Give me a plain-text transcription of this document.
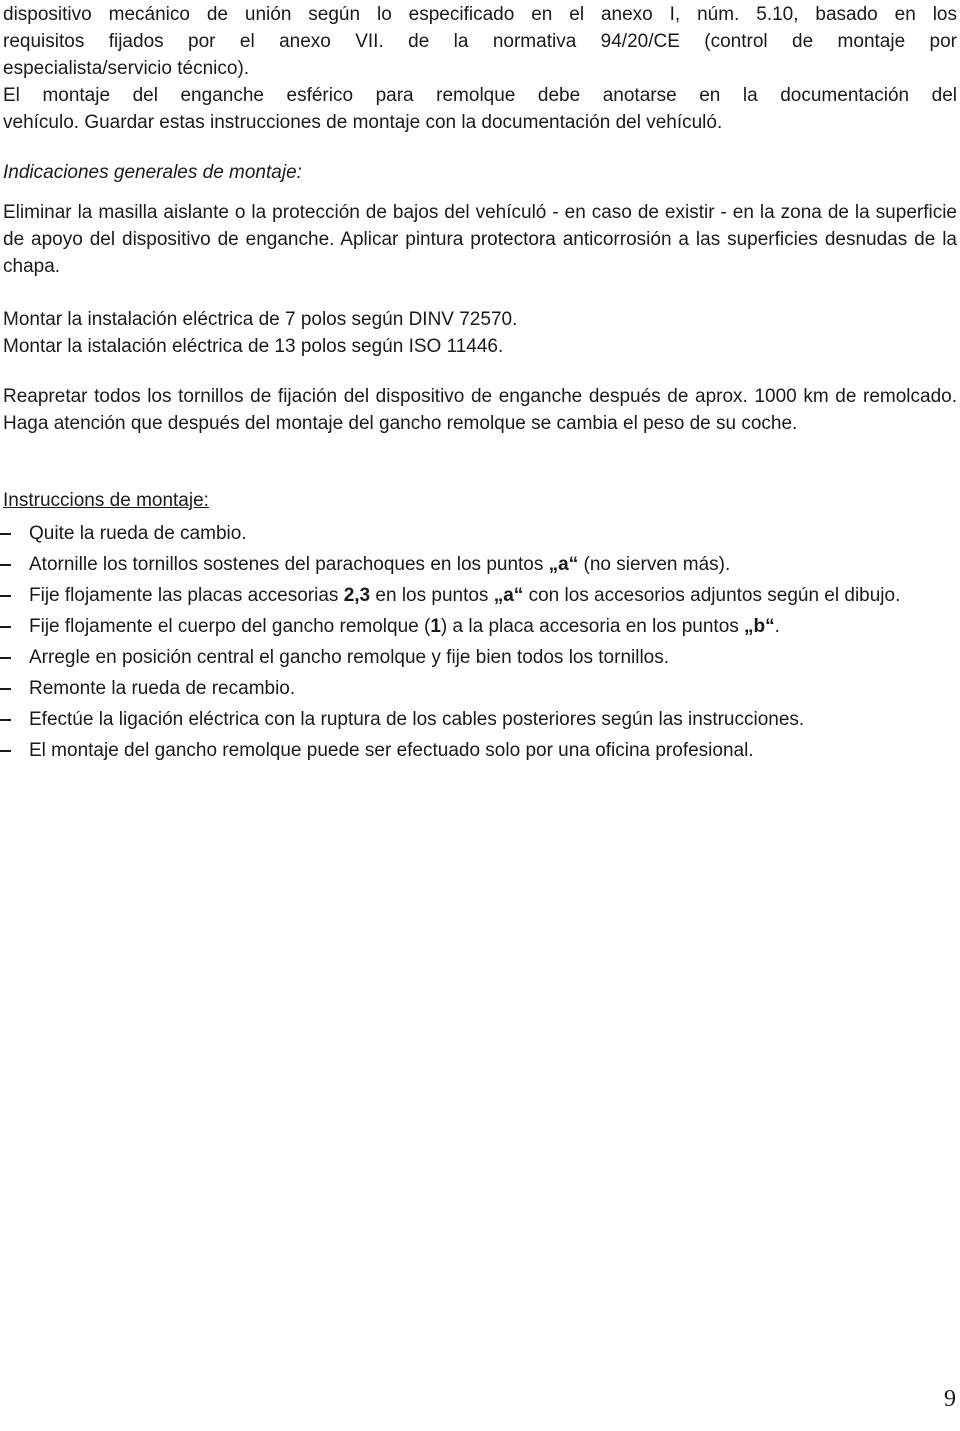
dispositivo mecánico de unión según lo especificado en el anexo I, núm. 5.10, basado en los
requisitos fijados por el anexo VII. de la normativa 94/20/CE (control de montaje por
especialista/servicio técnico).
El montaje del enganche esférico para remolque debe anotarse en la documentación del
vehículo. Guardar estas instrucciones de montaje con la documentación del vehículó.

Indicaciones generales de montaje:

Eliminar la masilla aislante o la protección de bajos del vehículó - en caso de existir - en la zona de la superficie de apoyo del dispositivo de enganche. Aplicar pintura protectora anticorrosión a las superficies desnudas de la chapa.

Montar la instalación eléctrica de 7 polos según DINV 72570.
Montar la istalación eléctrica de 13 polos según ISO 11446.

Reapretar todos los tornillos de fijación del dispositivo de enganche después de aprox. 1000 km de remolcado. Haga atención que después del montaje del gancho remolque se cambia el peso de su coche.

Instruccions de montaje:
Quite la rueda de cambio.
Atornille los tornillos sostenes del parachoques en los puntos „a“ (no sierven más).
Fije flojamente las placas accesorias 2,3 en los puntos „a“ con los accesorios adjuntos según el dibujo.
Fije flojamente el cuerpo del gancho remolque (1) a la placa accesoria en los puntos „b“.
Arregle en posición central el gancho remolque y fije bien todos los tornillos.
Remonte la rueda de recambio.
Efectúe la ligación eléctrica con la ruptura de los cables posteriores según las instrucciones.
El montaje del gancho remolque puede ser efectuado solo por una oficina profesional.
9
